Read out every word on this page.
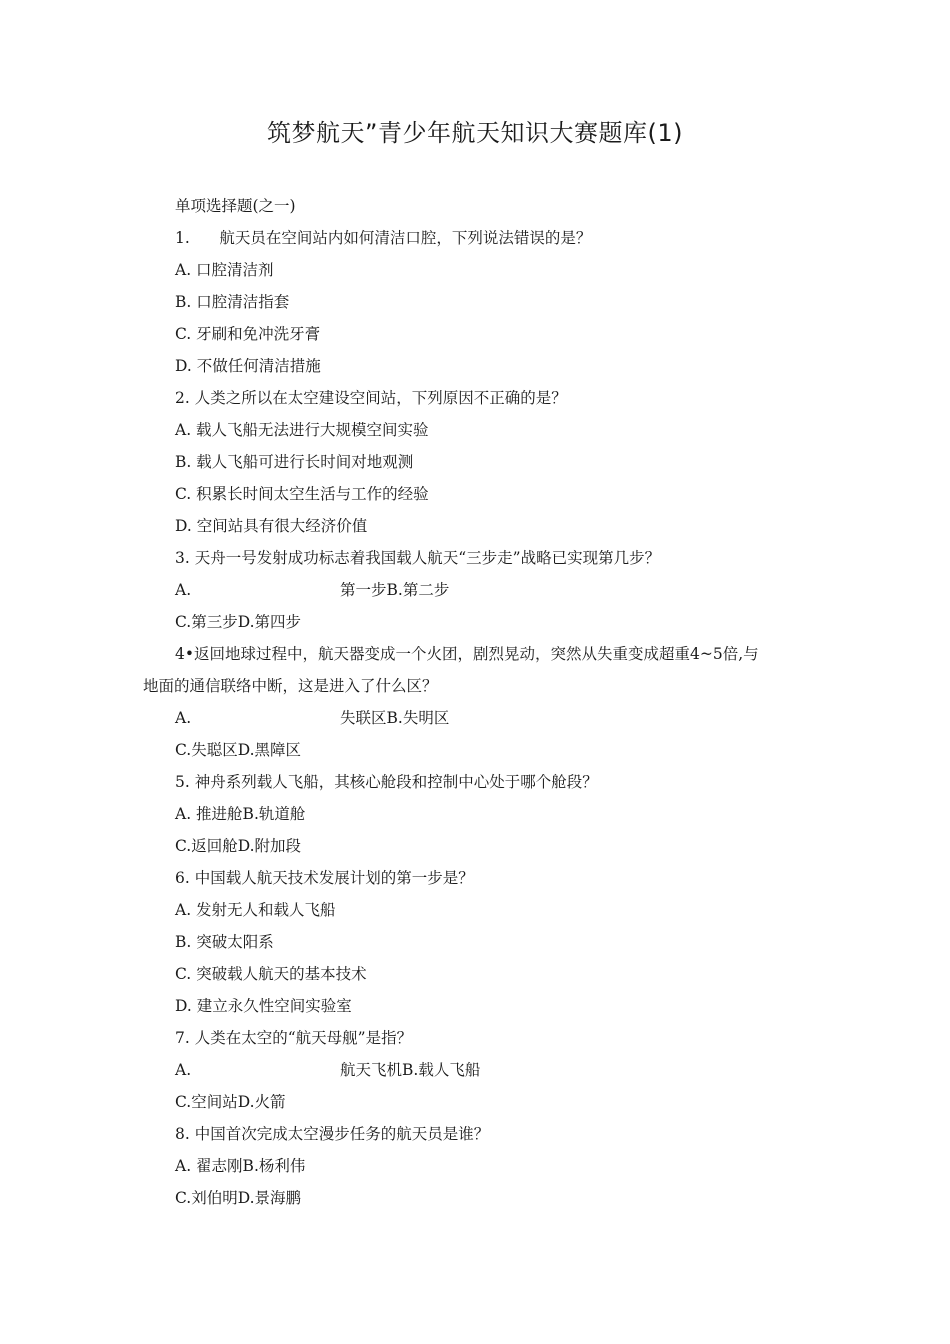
筑梦航天”青少年航天知识大赛题库(1)
单项选择题(之一)
1.      航天员在空间站内如何清洁口腔，下列说法错误的是？
A. 口腔清洁剂
B. 口腔清洁指套
C. 牙刷和免冲洗牙膏
D. 不做任何清洁措施
2. 人类之所以在太空建设空间站，下列原因不正确的是？
A. 载人飞船无法进行大规模空间实验
B. 载人飞船可进行长时间对地观测
C. 积累长时间太空生活与工作的经验
D. 空间站具有很大经济价值
3. 天舟一号发射成功标志着我国载人航天“三步走”战略已实现第几步？
A.	第一步B.第二步
C.第三步D.第四步
4•返回地球过程中，航天器变成一个火团，剧烈晃动，突然从失重变成超重4~5倍,与
地面的通信联络中断，这是进入了什么区？
A.	失联区B.失明区
C.失聪区D.黑障区
5. 神舟系列载人飞船，其核心舱段和控制中心处于哪个舱段？
A. 推进舱B.轨道舱
C.返回舱D.附加段
6. 中国载人航天技术发展计划的第一步是？
A. 发射无人和载人飞船
B. 突破太阳系
C. 突破载人航天的基本技术
D. 建立永久性空间实验室
7. 人类在太空的“航天母舰”是指？
A.	航天飞机B.载人飞船
C.空间站D.火箭
8. 中国首次完成太空漫步任务的航天员是谁？
A. 翟志刚B.杨利伟
C.刘伯明D.景海鹏
